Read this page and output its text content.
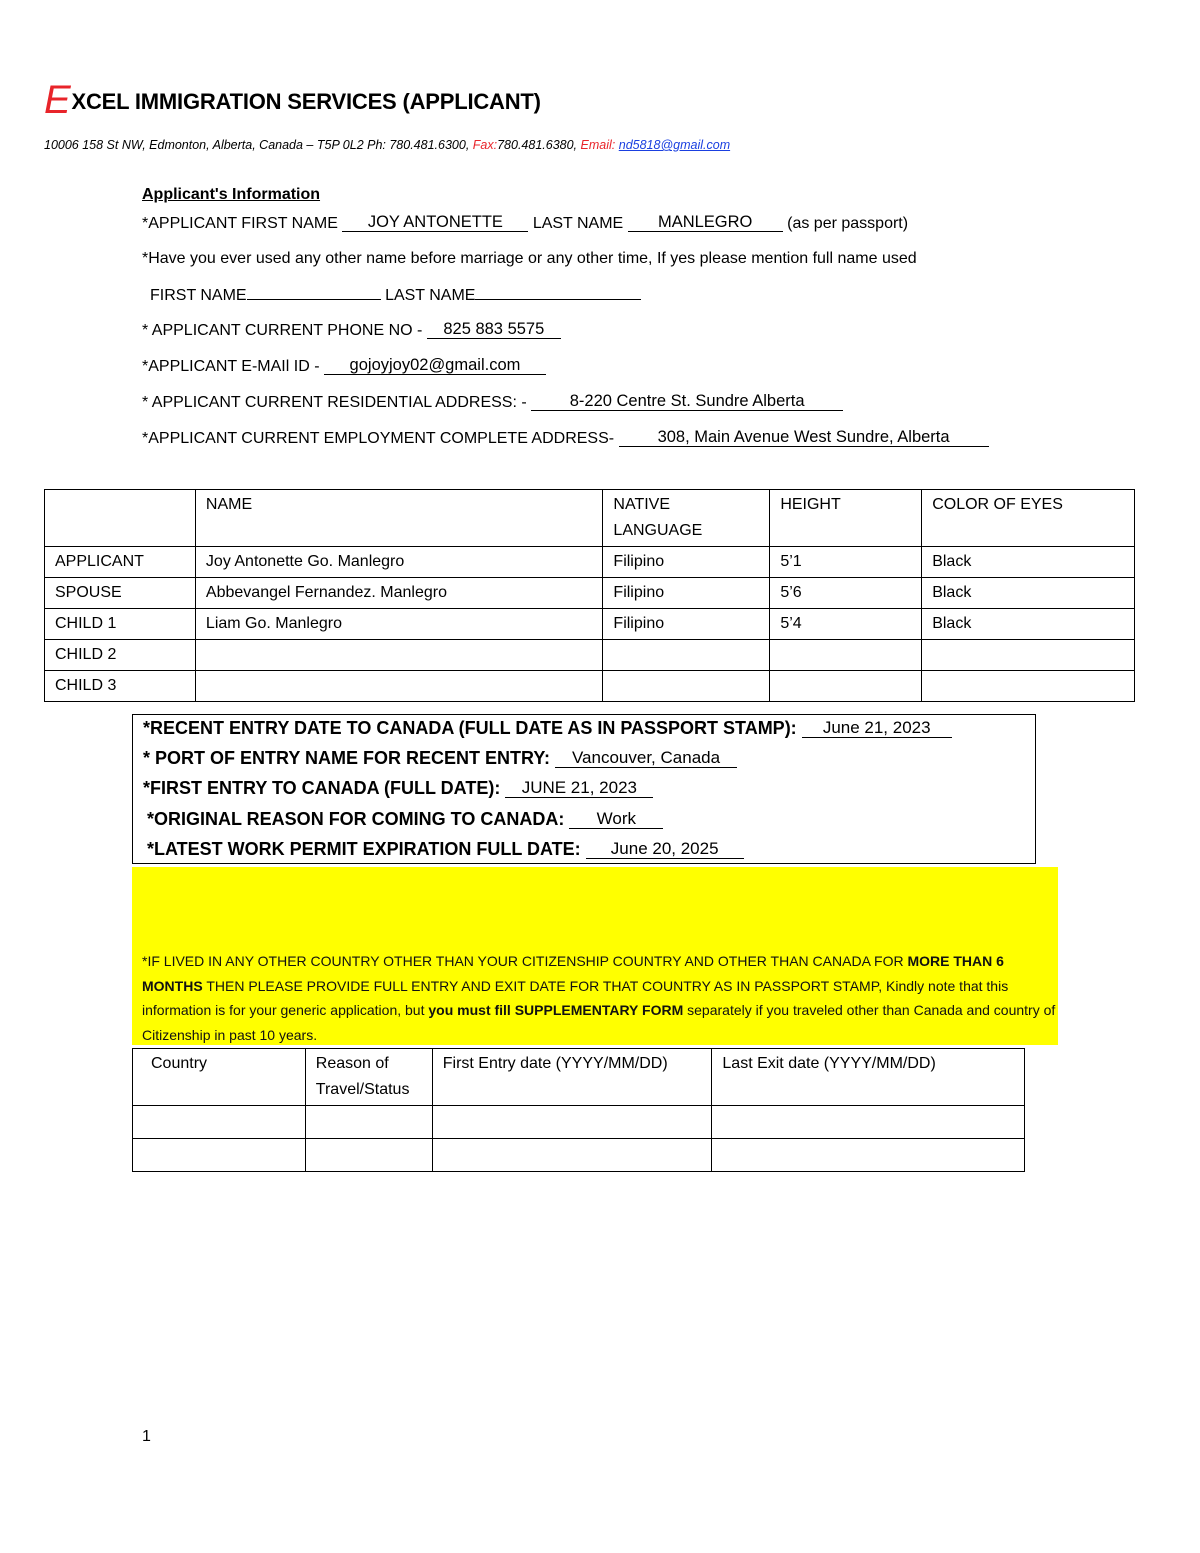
EXCEL IMMIGRATION SERVICES (APPLICANT)
10006 158 St NW, Edmonton, Alberta, Canada – T5P 0L2 Ph: 780.481.6300, Fax:780.481.6380, Email: nd5818@gmail.com
Applicant's Information
*APPLICANT FIRST NAME JOY ANTONETTE LAST NAME MANLEGRO (as per passport)
*Have you ever used any other name before marriage or any other time, If yes please mention full name used
FIRST NAME	LAST NAME
* APPLICANT CURRENT PHONE NO - 825 883 5575
*APPLICANT E-MAIl ID - gojoyjoy02@gmail.com
* APPLICANT CURRENT RESIDENTIAL ADDRESS: -	8-220 Centre St. Sundre Alberta
*APPLICANT CURRENT EMPLOYMENT COMPLETE ADDRESS-	308, Main Avenue West Sundre, Alberta
	NAME	NATIVE LANGUAGE	HEIGHT	COLOR OF EYES
APPLICANT	Joy Antonette Go. Manlegro	Filipino	5’1	Black
SPOUSE	Abbevangel Fernandez. Manlegro	Filipino	5’6	Black
CHILD 1	Liam Go. Manlegro	Filipino	5’4	Black
CHILD 2				
CHILD 3				
*RECENT ENTRY DATE TO CANADA (FULL DATE AS IN PASSPORT STAMP): June 21, 2023
* PORT OF ENTRY NAME FOR RECENT ENTRY: Vancouver, Canada
*FIRST ENTRY TO CANADA (FULL DATE): JUNE 21, 2023
*ORIGINAL REASON FOR COMING TO CANADA: Work
*LATEST WORK PERMIT EXPIRATION FULL DATE: June 20, 2025
*IF LIVED IN ANY OTHER COUNTRY OTHER THAN YOUR CITIZENSHIP COUNTRY AND OTHER THAN CANADA FOR MORE THAN 6 MONTHS THEN PLEASE PROVIDE FULL ENTRY AND EXIT DATE FOR THAT COUNTRY AS IN PASSPORT STAMP, Kindly note that this information is for your generic application, but you must fill SUPPLEMENTARY FORM separately if you traveled other than Canada and country of Citizenship in past 10 years.
Country	Reason of Travel/Status	First Entry date (YYYY/MM/DD)	Last Exit date (YYYY/MM/DD)

1
